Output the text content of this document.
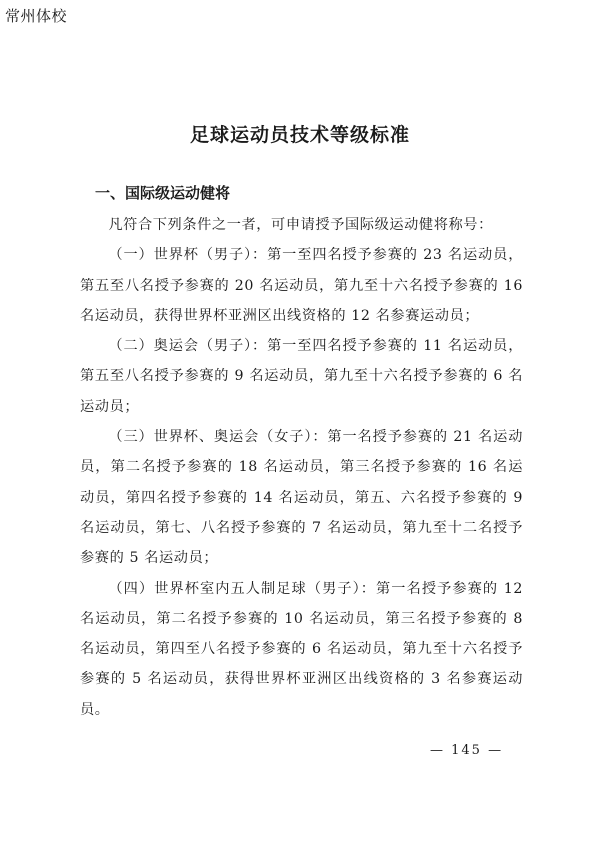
常州体校
足球运动员技术等级标准
一、国际级运动健将

凡符合下列条件之一者，可申请授予国际级运动健将称号：

（一）世界杯（男子）：第一至四名授予参赛的 23 名运动员，第五至八名授予参赛的 20 名运动员，第九至十六名授予参赛的 16 名运动员，获得世界杯亚洲区出线资格的 12 名参赛运动员；

（二）奥运会（男子）：第一至四名授予参赛的 11 名运动员，第五至八名授予参赛的 9 名运动员，第九至十六名授予参赛的 6 名运动员；

（三）世界杯、奥运会（女子）：第一名授予参赛的 21 名运动员，第二名授予参赛的 18 名运动员，第三名授予参赛的 16 名运动员，第四名授予参赛的 14 名运动员，第五、六名授予参赛的 9 名运动员，第七、八名授予参赛的 7 名运动员，第九至十二名授予参赛的 5 名运动员；

（四）世界杯室内五人制足球（男子）：第一名授予参赛的 12 名运动员，第二名授予参赛的 10 名运动员，第三名授予参赛的 8 名运动员，第四至八名授予参赛的 6 名运动员，第九至十六名授予参赛的 5 名运动员，获得世界杯亚洲区出线资格的 3 名参赛运动员。

— 145 —
